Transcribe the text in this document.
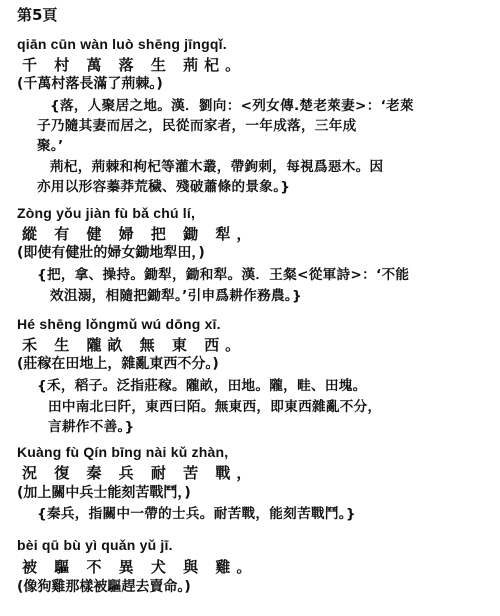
第5頁
qiān cūn wàn luò shēng jīngqǐ.
千 村 萬 落 生 荊杞。
(千萬村落長滿了荊棘。)
{落，人聚居之地。漢．劉向：<列女傳.楚老萊妻>：‘老萊
子乃隨其妻而居之，民從而家者，一年成落，三年成
聚。’
荊杞，荊棘和枸杞等灌木叢，帶鉤刺，每視爲惡木。因
亦用以形容蓁莽荒穢、殘破蕭條的景象。}
Zòng yǒu jiàn fù bǎ chú lí,
縱 有 健 婦 把 鋤 犁，
(即使有健壯的婦女鋤地犁田，)
{把，拿、操持。鋤犁，鋤和犁。漢．王粲<從軍詩>：‘不能
效沮溺，相隨把鋤犁。’引申爲耕作務農。}
Hé shēng lǒngmǔ wú dōng xī.
禾 生 隴畝 無 東 西。
(莊稼在田地上，雜亂東西不分。)
{禾，稻子。泛指莊稼。隴畝，田地。隴，畦、田塊。
田中南北曰阡，東西曰陌。無東西，即東西雜亂不分，
言耕作不善。}
Kuàng fù Qín bīng nài kǔ zhàn,
況 復 秦 兵 耐 苦 戰，
(加上關中兵士能刻苦戰鬥，)
{秦兵，指關中一帶的士兵。耐苦戰，能刻苦戰鬥。}
bèi qū bù yì quǎn yǔ jī.
被 驅 不 異 犬 與 雞。
(像狗雞那樣被驅趕去賣命。)
